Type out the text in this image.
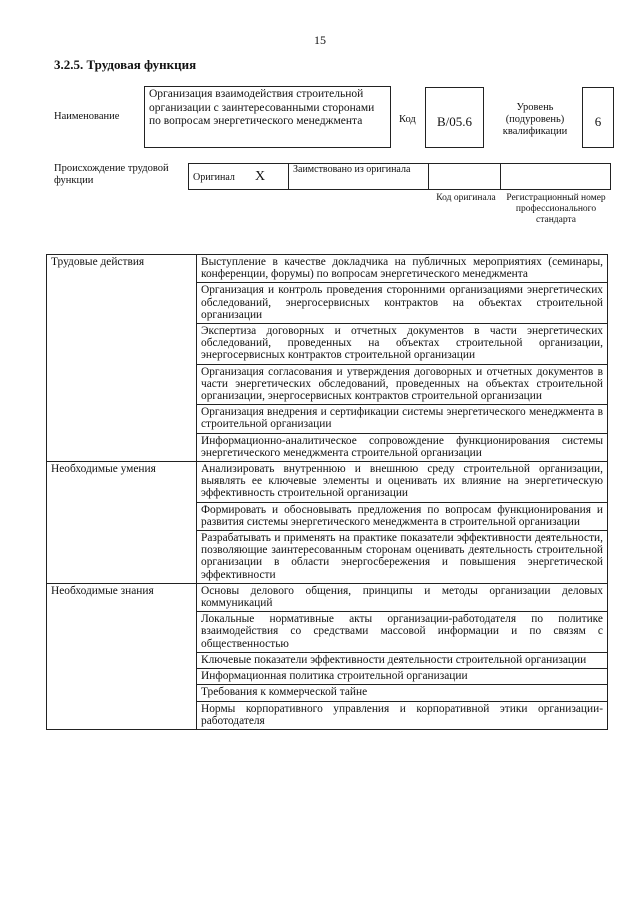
15
3.2.5. Трудовая функция
Наименование
Организация взаимодействия строительной организации с заинтересованными сторонами по вопросам энергетического менеджмента	Код	B/05.6
Уровень (подуровень) квалификации
6
Происхождение трудовой функции	Оригинал X	Заимствовано из оригинала		
Код оригинала	Регистрационный номер профессионального стандарта
Трудовые действия	Выступление в качестве докладчика на публичных мероприятиях (семинары, конференции, форумы) по вопросам энергетического менеджмента
	Организация и контроль проведения сторонними организациями энергетических обследований, энергосервисных контрактов на объектах строительной организации
	Экспертиза договорных и отчетных документов в части энергетических обследований, проведенных на объектах строительной организации, энергосервисных контрактов строительной организации
	Организация согласования и утверждения договорных и отчетных документов в части энергетических обследований, проведенных на объектах строительной организации, энергосервисных контрактов строительной организации
	Организация внедрения и сертификации системы энергетического менеджмента в строительной организации
	Информационно-аналитическое сопровождение функционирования системы энергетического менеджмента строительной организации
Необходимые умения	Анализировать внутреннюю и внешнюю среду строительной организации, выявлять ее ключевые элементы и оценивать их влияние на энергетическую эффективность строительной организации
	Формировать и обосновывать предложения по вопросам функционирования и развития системы энергетического менеджмента в строительной организации
	Разрабатывать и применять на практике показатели эффективности деятельности, позволяющие заинтересованным сторонам оценивать деятельность строительной организации в области энергосбережения и повышения энергетической эффективности
Необходимые знания	Основы делового общения, принципы и методы организации деловых коммуникаций
	Локальные нормативные акты организации-работодателя по политике взаимодействия со средствами массовой информации и по связям с общественностью
	Ключевые показатели эффективности деятельности строительной организации
	Информационная политика строительной организации
	Требования к коммерческой тайне
	Нормы корпоративного управления и корпоративной этики организации-работодателя
